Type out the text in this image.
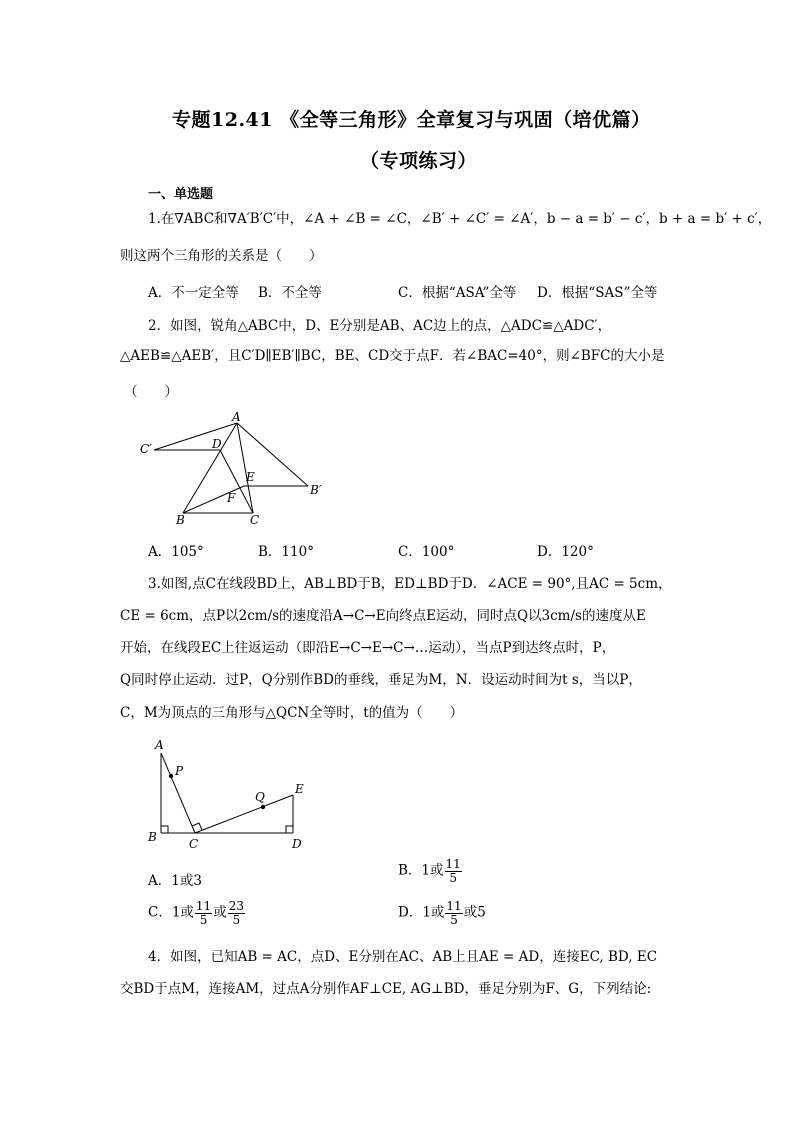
专题12.41 《全等三角形》全章复习与巩固（培优篇）
（专项练习）
一、单选题
1.在∇ABC和∇A′B′C′中，∠A + ∠B = ∠C，∠B′ + ∠C′ = ∠A′，b − a = b′ − c′，b + a = b′ + c′，
则这两个三角形的关系是（　　）
A．不一定全等 B．不全等	C．根据“ASA”全等 D．根据“SAS”全等
2．如图，锐角△ABC中，D、E分别是AB、AC边上的点，△ADC≌△ADC′，
△AEB≌△AEB′，且C′D∥EB′∥BC，BE、CD交于点F．若∠BAC=40°，则∠BFC的大小是
（　　）
A
C′	D
E
B′
F
B	C
A．105°	B．110°	C．100°	D．120°
3.如图,点C在线段BD上，AB⊥BD于B，ED⊥BD于D．∠ACE = 90°,且AC = 5cm，
CE = 6cm，点P以2cm/s的速度沿A→C→E向终点E运动，同时点Q以3cm/s的速度从E
开始，在线段EC上往返运动（即沿E→C→E→C→…运动），当点P到达终点时，P，
Q同时停止运动．过P，Q分别作BD的垂线，垂足为M，N．设运动时间为t s，当以P，
C，M为顶点的三角形与△QCN全等时，t的值为（　　）
A
P
E
Q
B	C	D
A．1或3
B．1或 $\frac{11}{5}$
C．1或 $\frac{11}{5}$ 或 $\frac{23}{5}$	D．1或 $\frac{11}{5}$ 或5
4．如图，已知AB = AC，点D、E分别在AC、AB上且AE = AD，连接EC, BD, EC
交BD于点M，连接AM，过点A分别作AF⊥CE, AG⊥BD，垂足分别为F、G，下列结论:
